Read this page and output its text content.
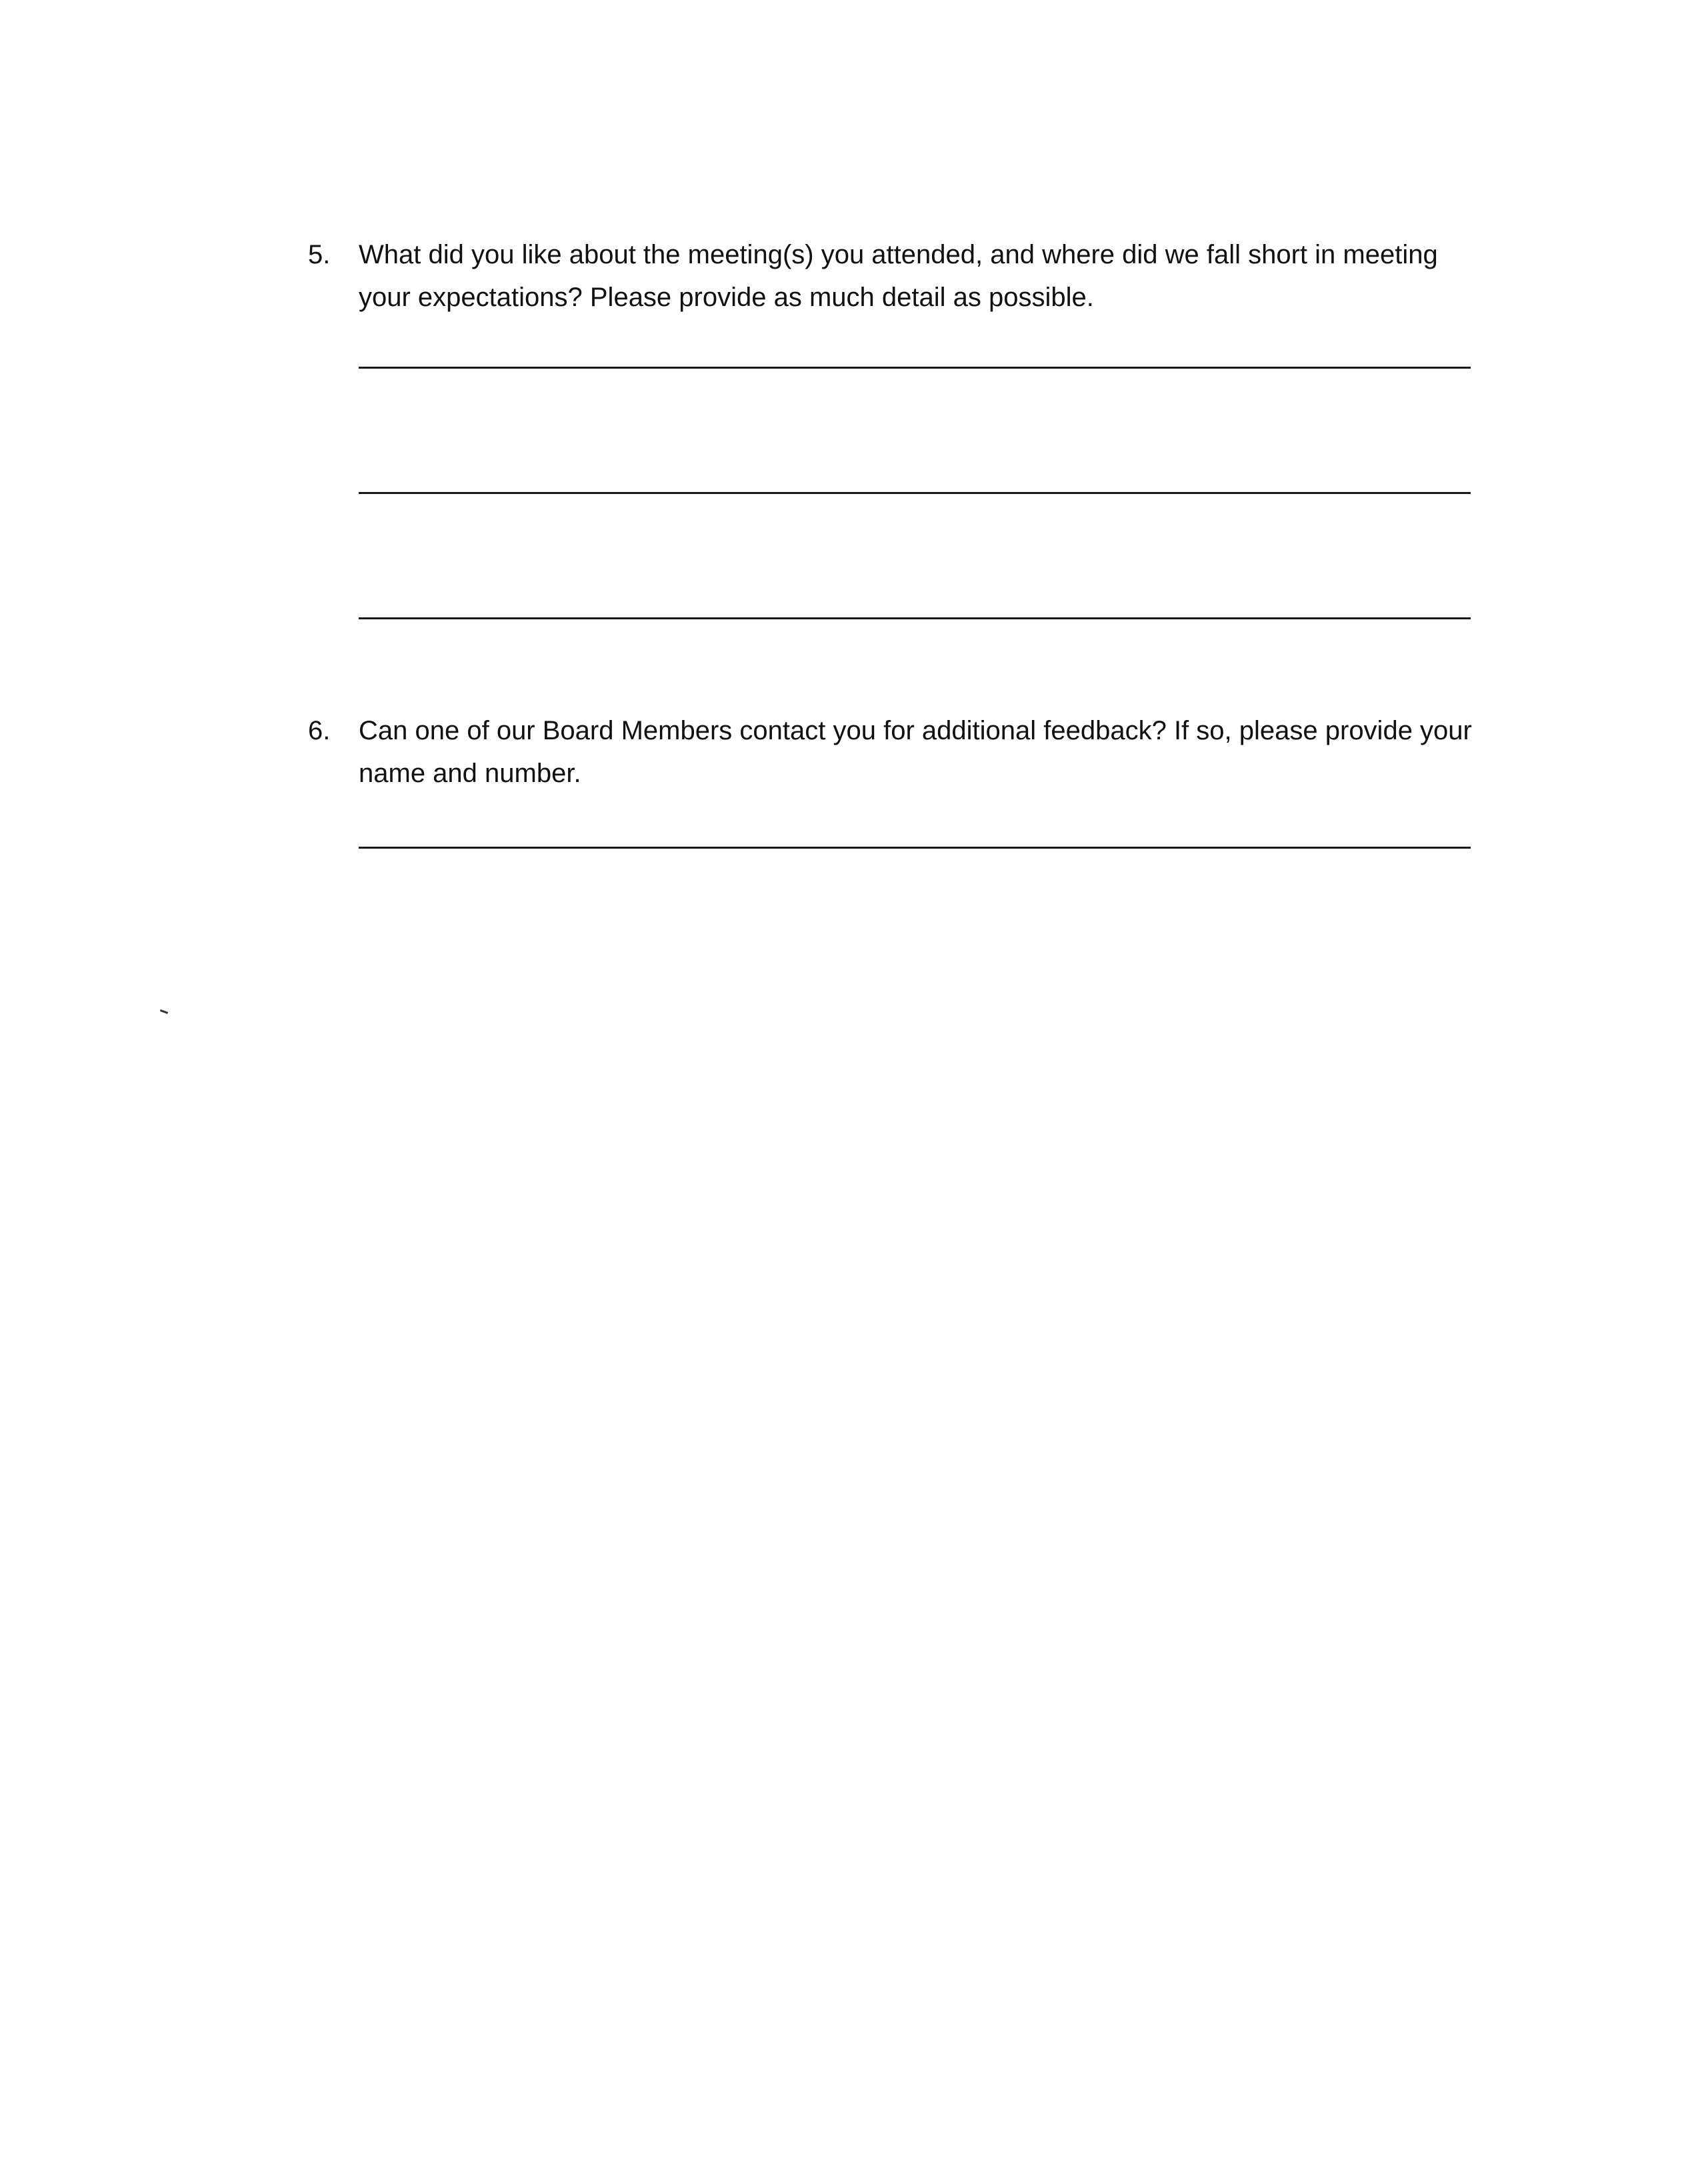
5. What did you like about the meeting(s) you attended, and where did we fall short in meeting
your expectations? Please provide as much detail as possible.
6. Can one of our Board Members contact you for additional feedback? If so, please provide your
name and number.
